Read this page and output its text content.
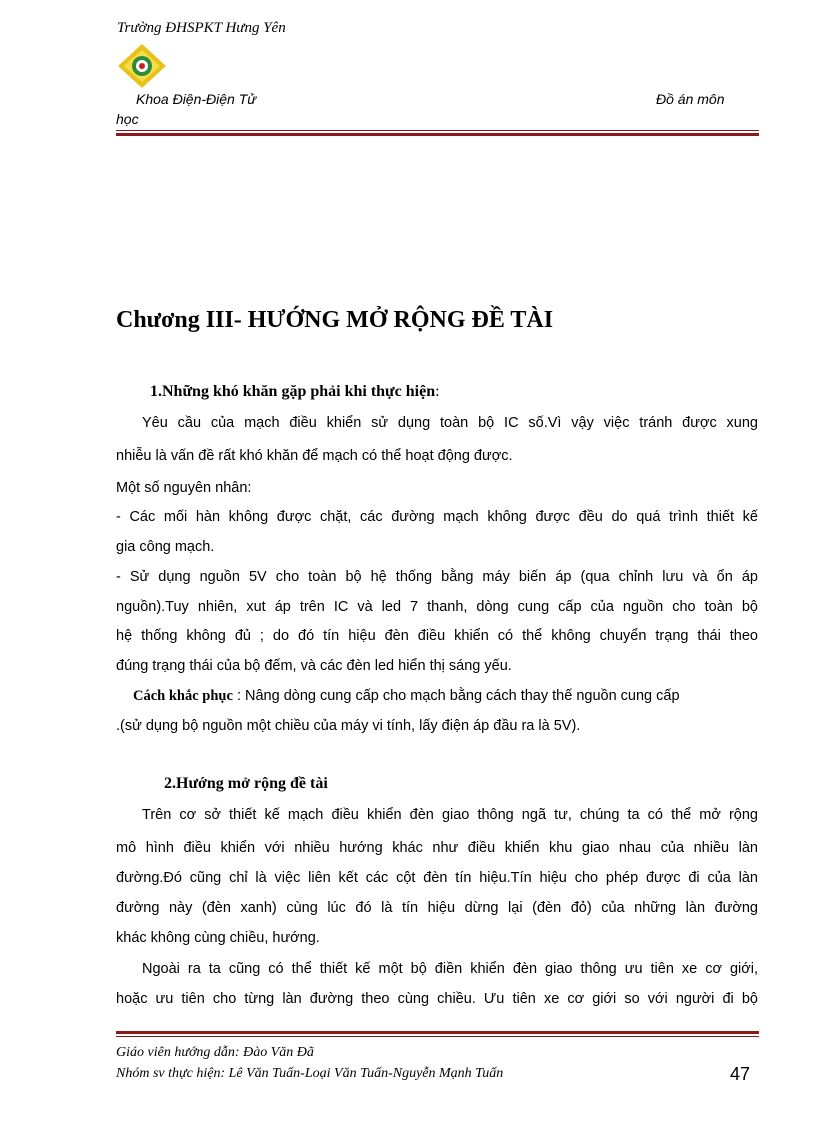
Trường ĐHSPKT Hưng Yên
Khoa Điện-Điện Tử	Đồ án môn
học
Chương III- HƯỚNG MỞ RỘNG ĐỀ TÀI
1.Những khó khăn gặp phải khi thực hiện:
Yêu cầu của mạch điều khiển sử dụng toàn bộ IC số.Vì vậy việc tránh được xung
nhiễu là vấn đề rất khó khăn để mạch có thể hoạt động được.
Một số nguyên nhân:
- Các mối hàn không được chặt, các đường mạch không được đều do quá trình thiết kế
gia công mạch.
- Sử dụng nguồn 5V cho toàn bộ hệ thống bằng máy biến áp (qua chỉnh lưu và ổn áp
nguồn).Tuy nhiên, xut áp trên IC và led 7 thanh, dòng cung cấp của nguồn cho toàn bộ
hệ thống không đủ ; do đó tín hiệu đèn điều khiển có thể không chuyển trạng thái theo
đúng trạng thái của bộ đếm, và các đèn led hiển thị sáng yếu.
Cách khắc phục : Nâng dòng cung cấp cho mạch bằng cách thay thế nguồn cung cấp
.(sử dụng bộ nguồn một chiều của máy vi tính, lấy điện áp đầu ra là 5V).
2.Hướng mở rộng đề tài
Trên cơ sở thiết kế mạch điều khiển đèn giao thông ngã tư, chúng ta có thể mở rộng
mô hình điều khiển với nhiều hướng khác như điều khiển khu giao nhau của nhiều làn
đường.Đó cũng chỉ là việc liên kết các cột đèn tín hiệu.Tín hiệu cho phép được đi của làn
đường này (đèn xanh) cùng lúc đó là tín hiệu dừng lại (đèn đỏ) của những làn đường
khác không cùng chiều, hướng.
Ngoài ra ta cũng có thể thiết kế một bộ điền khiển đèn giao thông ưu tiên xe cơ giới,
hoặc ưu tiên cho từng làn đường theo cùng chiều. Ưu tiên xe cơ giới so với người đi bộ
Giáo viên hướng dẫn: Đào Văn Đã
Nhóm sv thực hiện: Lê Văn Tuấn-Loại Văn Tuấn-Nguyễn Mạnh Tuấn	47
